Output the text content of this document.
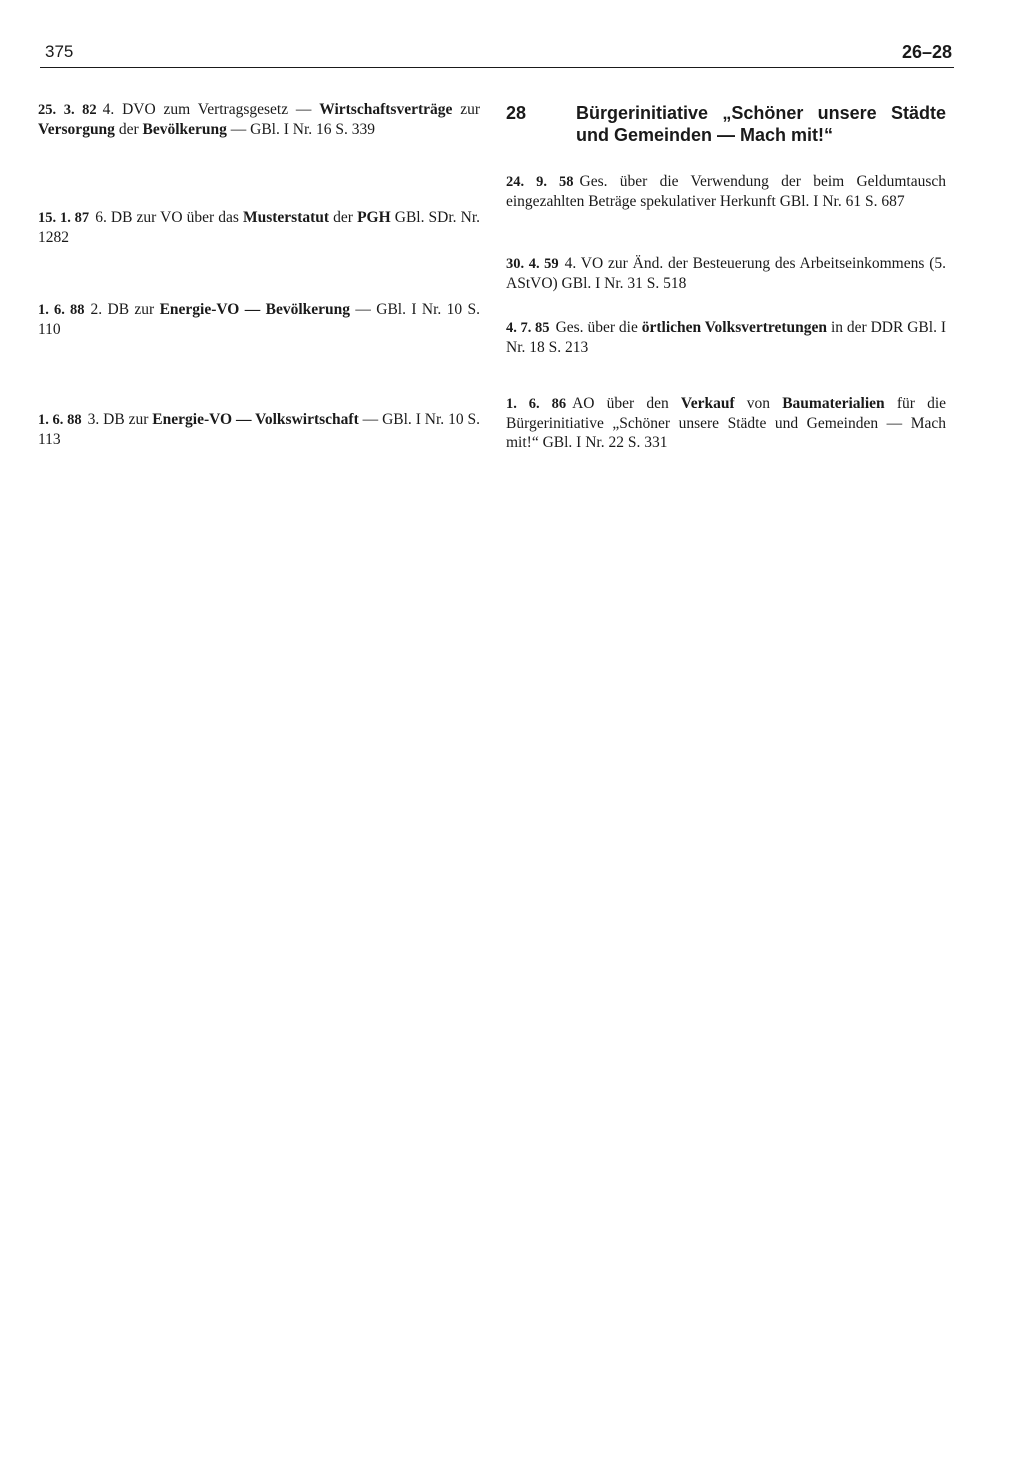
375	26–28
25. 3. 82 4. DVO zum Vertragsgesetz — Wirtschaftsverträge zur Versorgung der Bevölkerung — GBl. I Nr. 16 S. 339
15. 1. 87 6. DB zur VO über das Musterstatut der PGH GBl. SDr. Nr. 1282
1. 6. 88 2. DB zur Energie-VO — Bevölkerung — GBl. I Nr. 10 S. 110
1. 6. 88 3. DB zur Energie-VO — Volkswirtschaft — GBl. I Nr. 10 S. 113
28	Bürgerinitiative „Schöner unsere Städte und Gemeinden — Mach mit!“
24. 9. 58 Ges. über die Verwendung der beim Geldumtausch eingezahlten Beträge spekulativer Herkunft GBl. I Nr. 61 S. 687
30. 4. 59 4. VO zur Änd. der Besteuerung des Arbeitseinkommens (5. AStVO) GBl. I Nr. 31 S. 518
4. 7. 85 Ges. über die örtlichen Volksvertretungen in der DDR GBl. I Nr. 18 S. 213
1. 6. 86 AO über den Verkauf von Baumaterialien für die Bürgerinitiative „Schöner unsere Städte und Gemeinden — Mach mit!“ GBl. I Nr. 22 S. 331
